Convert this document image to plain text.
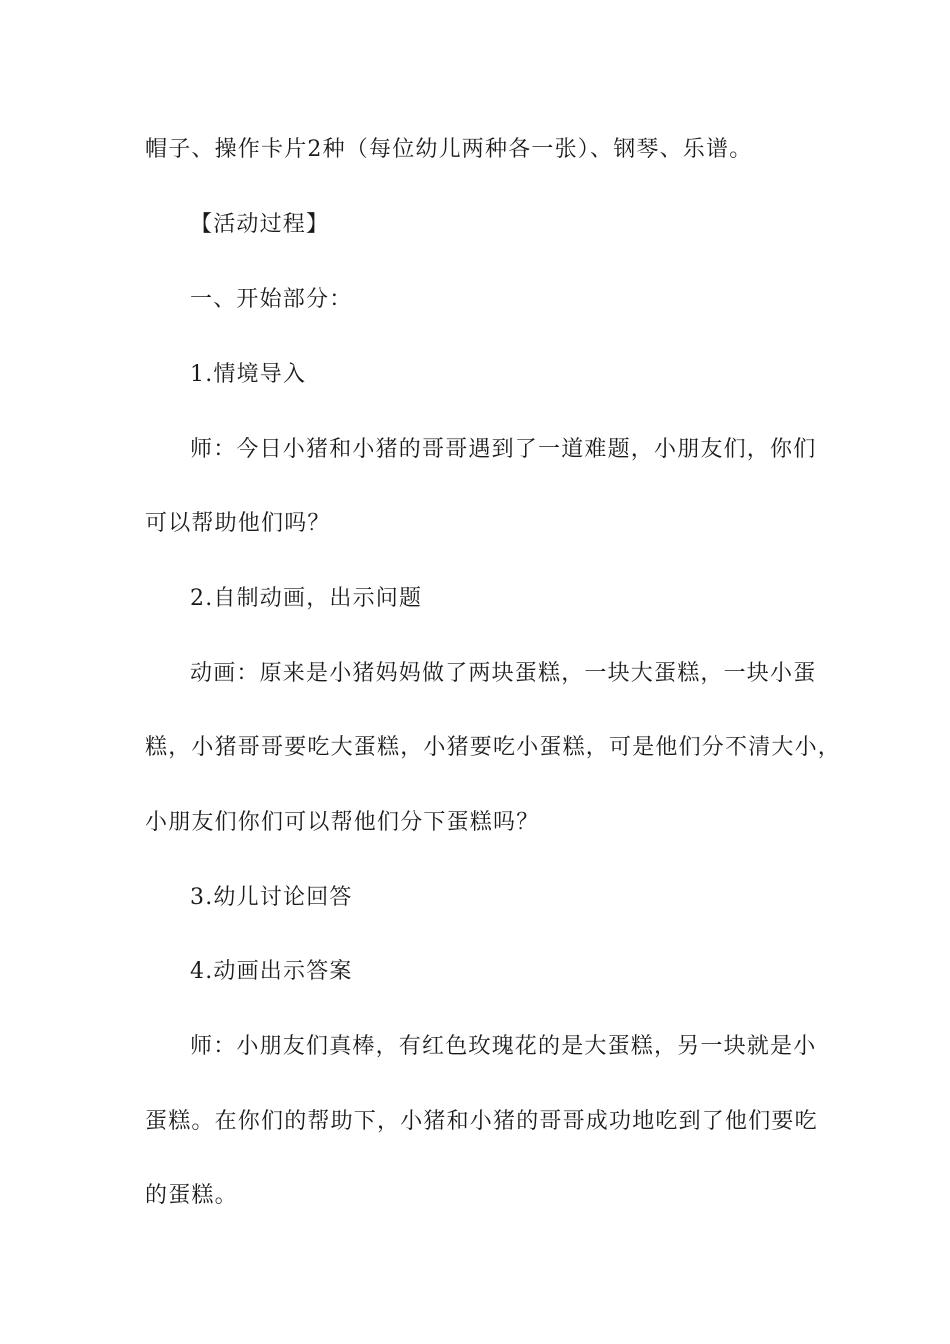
帽子、操作卡片2种（每位幼儿两种各一张）、钢琴、乐谱。
【活动过程】
一、开始部分：
1.情境导入
师：今日小猪和小猪的哥哥遇到了一道难题，小朋友们，你们
可以帮助他们吗？
2.自制动画，出示问题
动画：原来是小猪妈妈做了两块蛋糕，一块大蛋糕，一块小蛋
糕，小猪哥哥要吃大蛋糕，小猪要吃小蛋糕，可是他们分不清大小，
小朋友们你们可以帮他们分下蛋糕吗？
3.幼儿讨论回答
4.动画出示答案
师：小朋友们真棒，有红色玫瑰花的是大蛋糕，另一块就是小
蛋糕。在你们的帮助下，小猪和小猪的哥哥成功地吃到了他们要吃
的蛋糕。
